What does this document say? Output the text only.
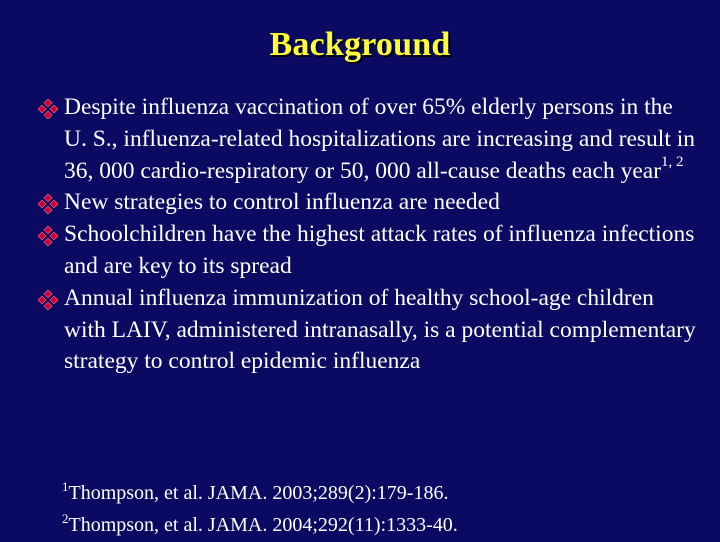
Background
Despite influenza vaccination of over 65% elderly persons in the U. S., influenza-related hospitalizations are increasing and result in 36, 000 cardio-respiratory or 50, 000 all-cause deaths each year$^{1, 2}$
New strategies to control influenza are needed
Schoolchildren have the highest attack rates of influenza infections and are key to its spread
Annual influenza immunization of healthy school-age children with LAIV, administered intranasally, is a potential complementary strategy to control epidemic influenza
$^1$Thompson, et al. JAMA. 2003;289(2):179-186.
$^2$Thompson, et al. JAMA. 2004;292(11):1333-40.
